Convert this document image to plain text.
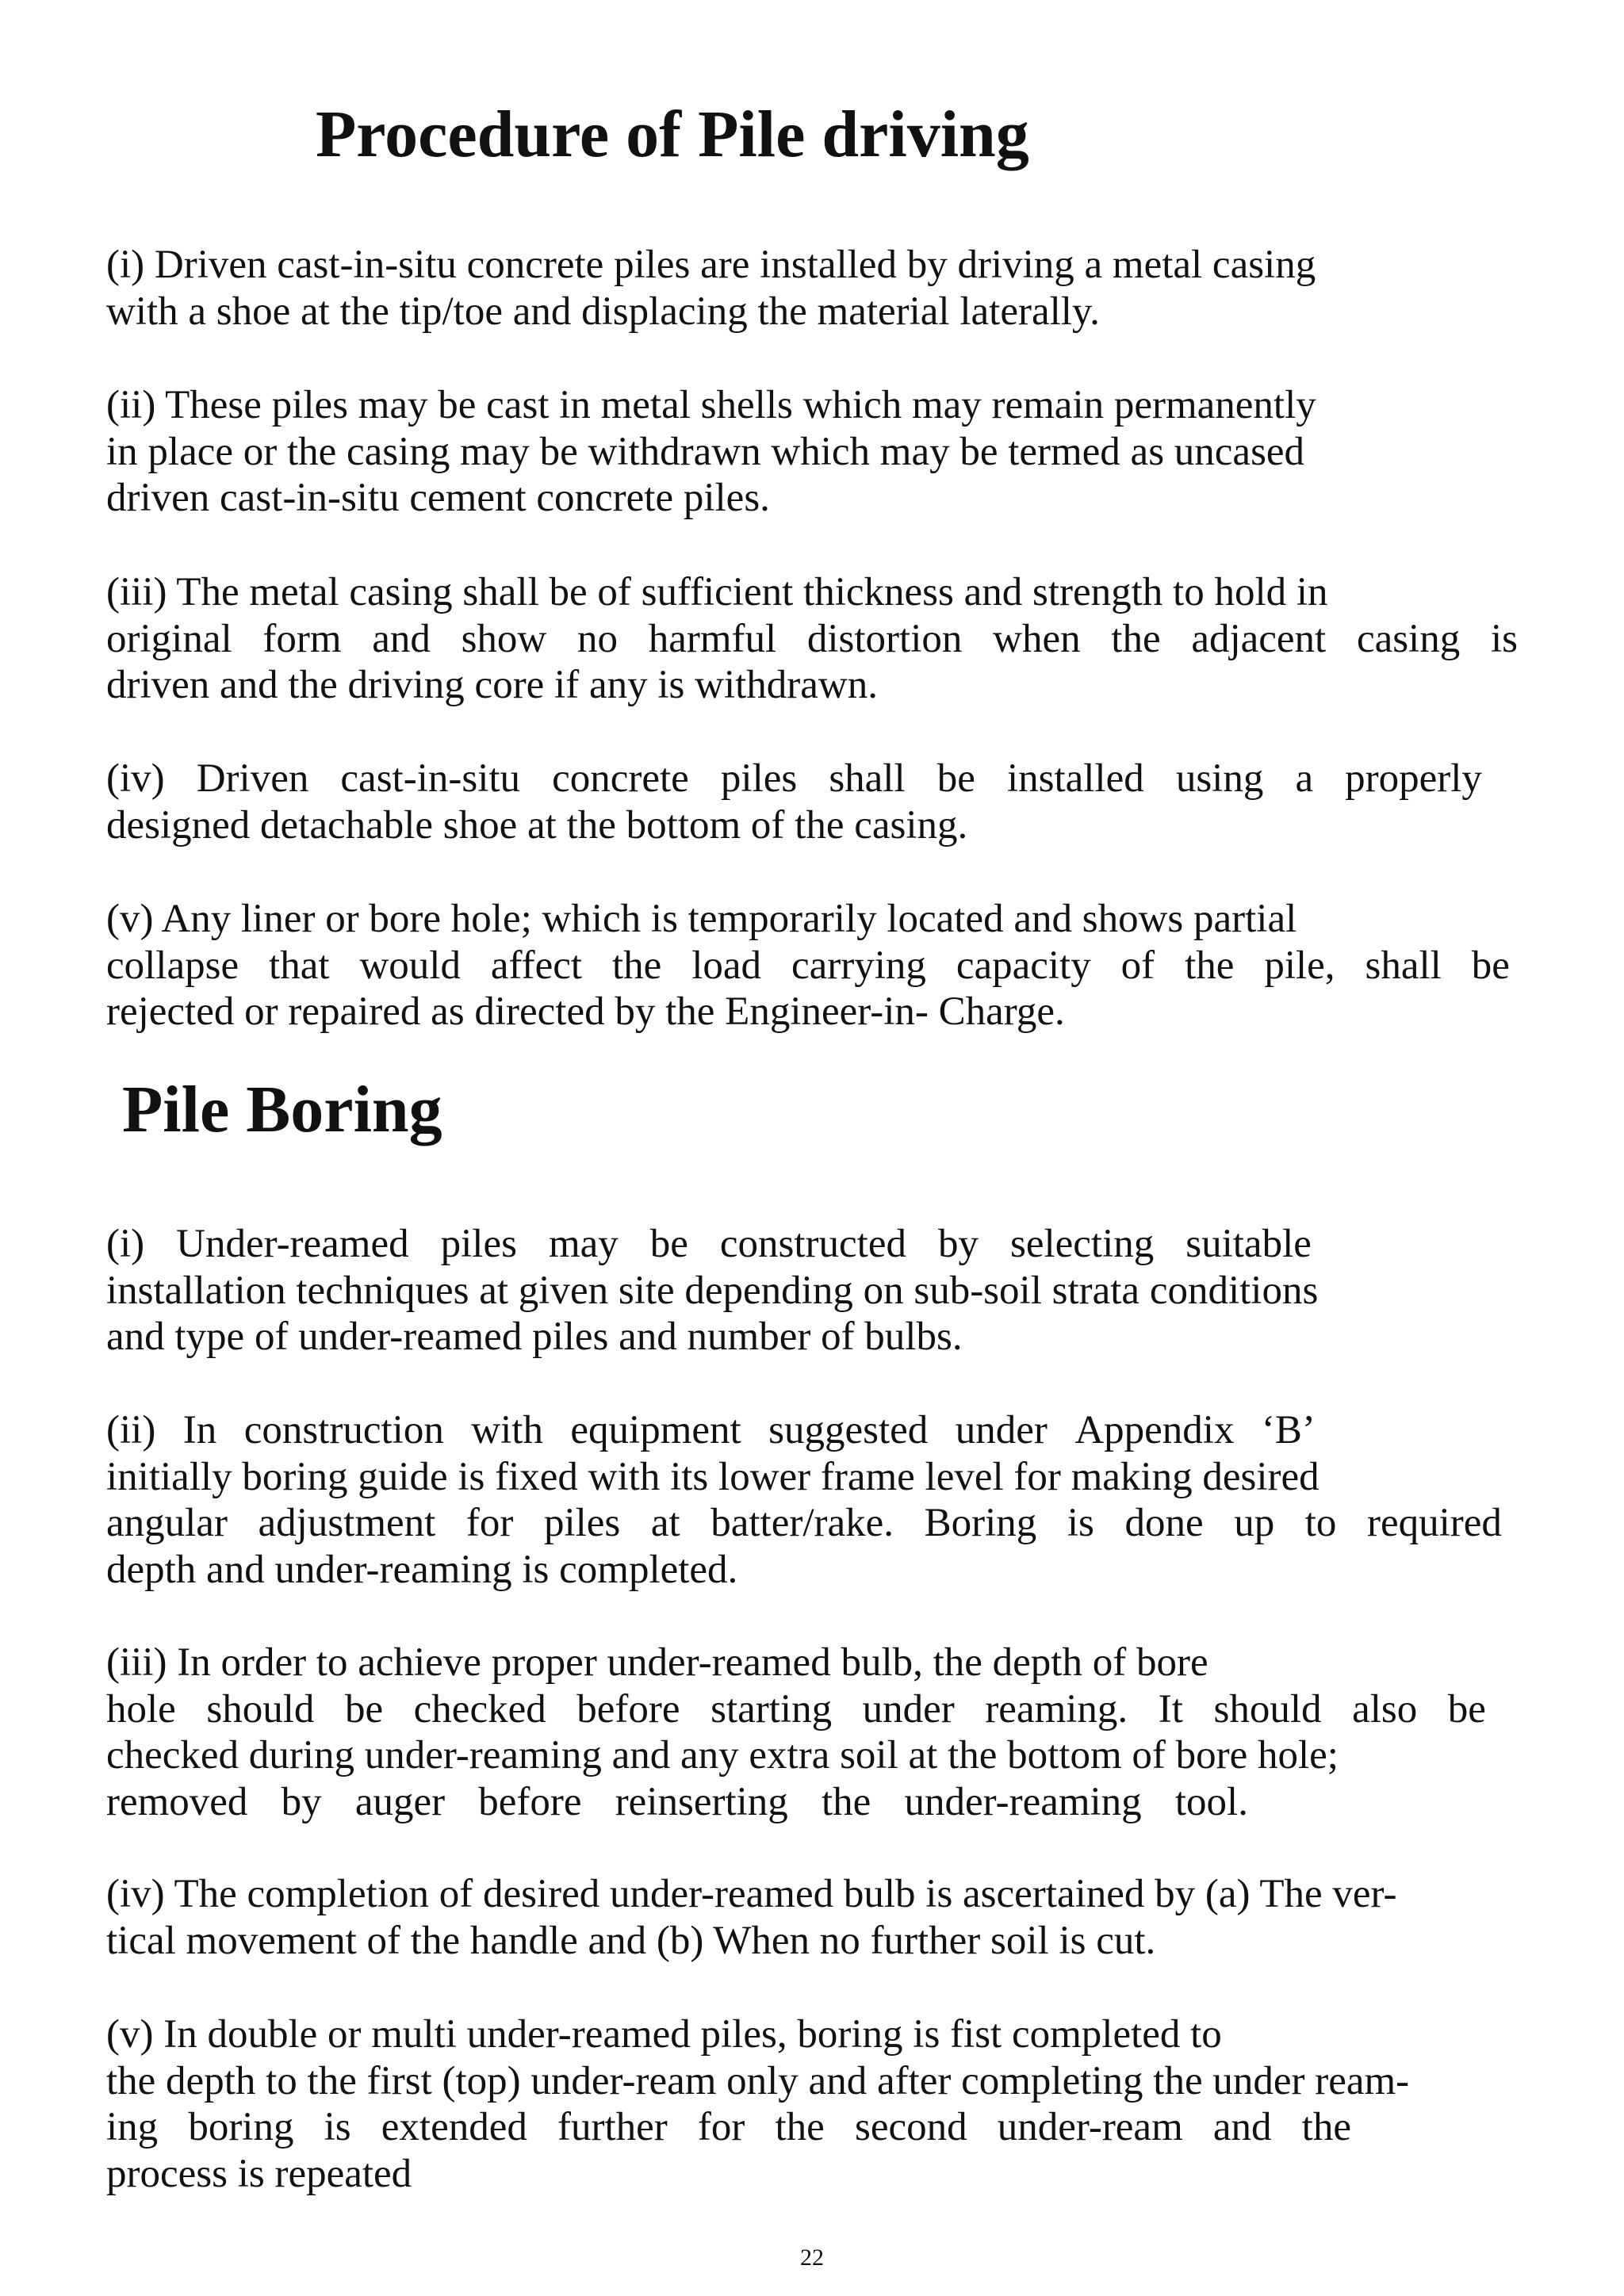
Procedure of Pile driving
(i) Driven cast-in-situ concrete piles are installed by driving a metal casing
with a shoe at the tip/toe and displacing the material laterally.
(ii) These piles may be cast in metal shells which may remain permanently
in place or the casing may be withdrawn which may be termed as uncased
driven cast-in-situ cement concrete piles.
(iii) The metal casing shall be of sufficient thickness and strength to hold in
original form and show no harmful distortion when the adjacent casing is
driven and the driving core if any is withdrawn.
(iv) Driven cast-in-situ concrete piles shall be installed using a properly
designed detachable shoe at the bottom of the casing.
(v) Any liner or bore hole; which is temporarily located and shows partial
collapse that would affect the load carrying capacity of the pile, shall be
rejected or repaired as directed by the Engineer-in- Charge.
Pile Boring
(i) Under-reamed piles may be constructed by selecting suitable
installation techniques at given site depending on sub-soil strata conditions
and type of under-reamed piles and number of bulbs.
(ii) In construction with equipment suggested under Appendix ‘B’
initially boring guide is fixed with its lower frame level for making desired
angular adjustment for piles at batter/rake. Boring is done up to required
depth and under-reaming is completed.
(iii) In order to achieve proper under-reamed bulb, the depth of bore
hole should be checked before starting under reaming. It should also be
checked during under-reaming and any extra soil at the bottom of bore hole;
removed by auger before reinserting the under-reaming tool.
(iv) The completion of desired under-reamed bulb is ascertained by (a) The ver-
tical movement of the handle and (b) When no further soil is cut.
(v) In double or multi under-reamed piles, boring is fist completed to
the depth to the first (top) under-ream only and after completing the under ream-
ing boring is extended further for the second under-ream and the
process is repeated

22
